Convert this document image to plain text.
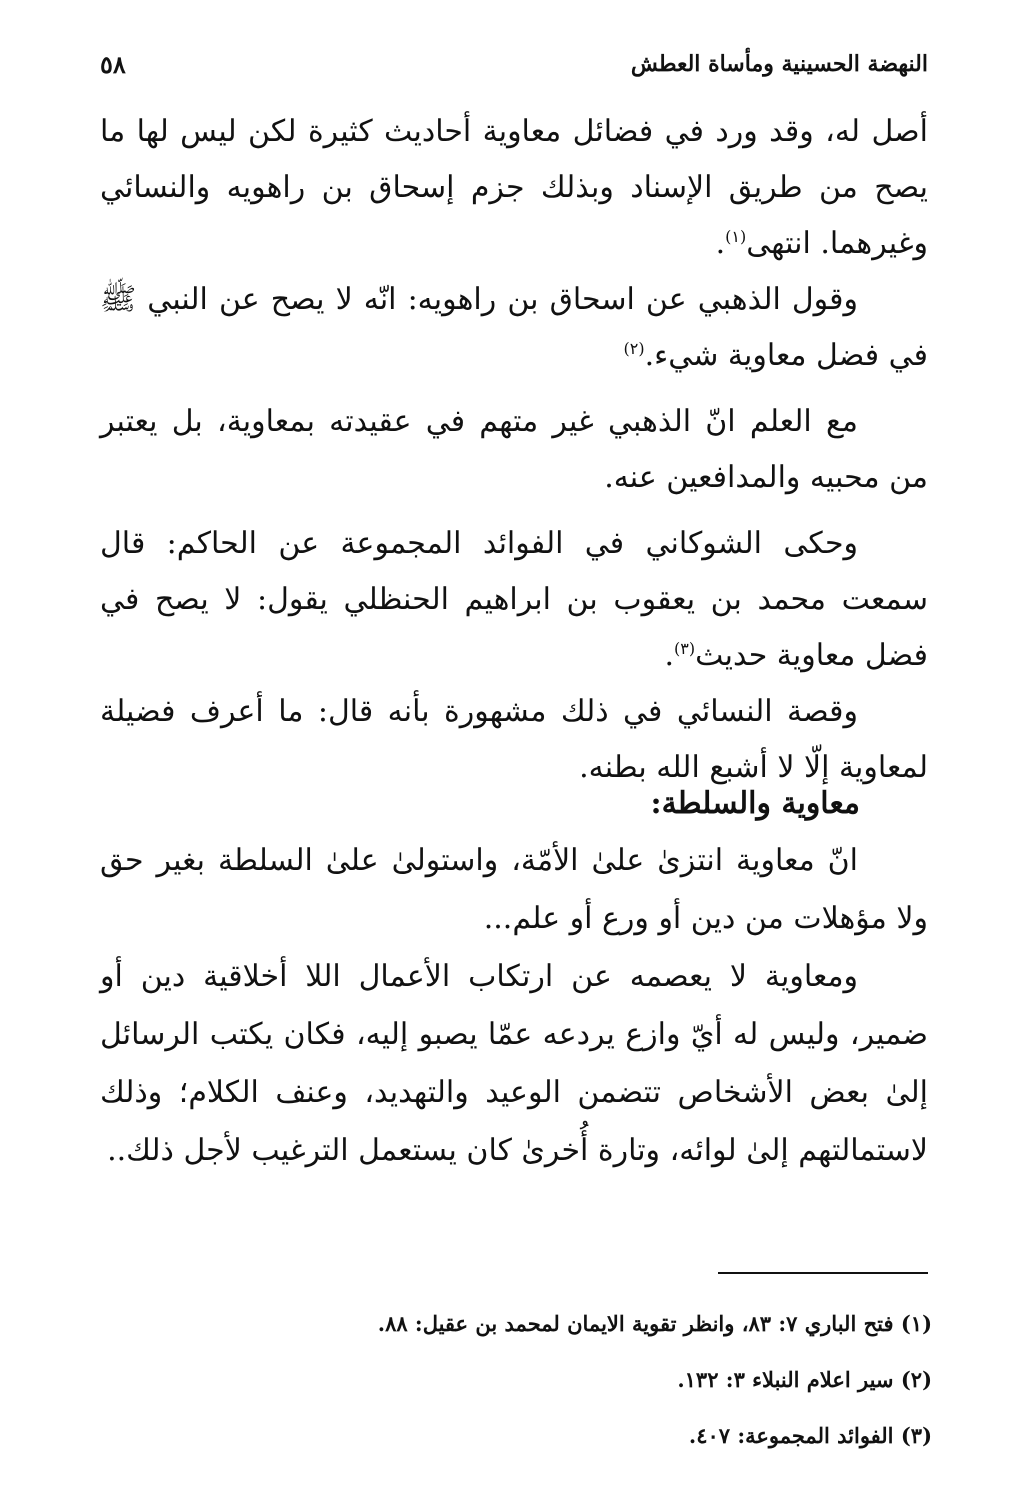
النهضة الحسينية ومأساة العطش
٥٨

أصل له، وقد ورد في فضائل معاوية أحاديث كثيرة لكن ليس لها ما يصح من طريق الإسناد وبذلك جزم إسحاق بن راهويه والنسائي وغيرهما. انتهى$^{(١)}$.

وقول الذهبي عن اسحاق بن راهويه: انّه لا يصح عن النبي ﷺ في فضل معاوية شيء.$^{(٢)}$

مع العلم انّ الذهبي غير متهم في عقيدته بمعاوية، بل يعتبر من محبيه والمدافعين عنه.

وحكى الشوكاني في الفوائد المجموعة عن الحاكم: قال سمعت محمد بن يعقوب بن ابراهيم الحنظلي يقول: لا يصح في فضل معاوية حديث$^{(٣)}$.

وقصة النسائي في ذلك مشهورة بأنه قال: ما أعرف فضيلة لمعاوية إلّا لا أشبع الله بطنه.

معاوية والسلطة:

انّ معاوية انتزىٰ علىٰ الأمّة، واستولىٰ علىٰ السلطة بغير حق ولا مؤهلات من دين أو ورع أو علم...

ومعاوية لا يعصمه عن ارتكاب الأعمال اللا أخلاقية دين أو ضمير، وليس له أيّ وازع يردعه عمّا يصبو إليه، فكان يكتب الرسائل إلىٰ بعض الأشخاص تتضمن الوعيد والتهديد، وعنف الكلام؛ وذلك لاستمالتهم إلىٰ لوائه، وتارة أُخرىٰ كان يستعمل الترغيب لأجل ذلك..

(١) فتح الباري ٧: ٨٣، وانظر تقوية الايمان لمحمد بن عقيل: ٨٨.

(٢) سير اعلام النبلاء ٣: ١٣٢.

(٣) الفوائد المجموعة: ٤٠٧.
